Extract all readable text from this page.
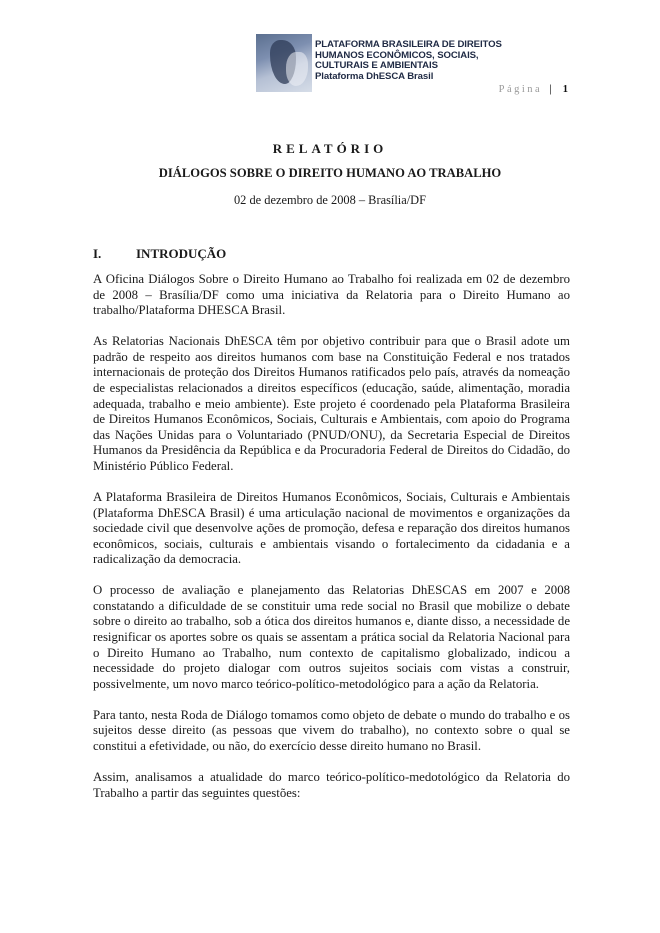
PLATAFORMA BRASILEIRA DE DIREITOS
HUMANOS ECONÔMICOS, SOCIAIS,
CULTURAIS E AMBIENTAIS
Plataforma DhESCA Brasil
Página | 1
RELATÓRIO
DIÁLOGOS SOBRE O DIREITO HUMANO AO TRABALHO
02 de dezembro de 2008 – Brasília/DF
I.	INTRODUÇÃO

A Oficina Diálogos Sobre o Direito Humano ao Trabalho foi realizada em 02 de dezembro de 2008 – Brasília/DF como uma iniciativa da Relatoria para o Direito Humano ao trabalho/Plataforma DHESCA Brasil.

As Relatorias Nacionais DhESCA têm por objetivo contribuir para que o Brasil adote um padrão de respeito aos direitos humanos com base na Constituição Federal e nos tratados internacionais de proteção dos Direitos Humanos ratificados pelo país, através da nomeação de especialistas relacionados a direitos específicos (educação, saúde, alimentação, moradia adequada, trabalho e meio ambiente). Este projeto é coordenado pela Plataforma Brasileira de Direitos Humanos Econômicos, Sociais, Culturais e Ambientais, com apoio do Programa das Nações Unidas para o Voluntariado (PNUD/ONU), da Secretaria Especial de Direitos Humanos da Presidência da República e da Procuradoria Federal de Direitos do Cidadão, do Ministério Público Federal.

A Plataforma Brasileira de Direitos Humanos Econômicos, Sociais, Culturais e Ambientais (Plataforma DhESCA Brasil) é uma articulação nacional de movimentos e organizações da sociedade civil que desenvolve ações de promoção, defesa e reparação dos direitos humanos econômicos, sociais, culturais e ambientais visando o fortalecimento da cidadania e a radicalização da democracia.

O processo de avaliação e planejamento das Relatorias DhESCAS em 2007 e 2008 constatando a dificuldade de se constituir uma rede social no Brasil que mobilize o debate sobre o direito ao trabalho, sob a ótica dos direitos humanos e, diante disso, a necessidade de resignificar os aportes sobre os quais se assentam a prática social da Relatoria Nacional para o Direito Humano ao Trabalho, num contexto de capitalismo globalizado, indicou a necessidade do projeto dialogar com outros sujeitos sociais com vistas a construir, possivelmente, um novo marco teórico-político-metodológico para a ação da Relatoria.

Para tanto, nesta Roda de Diálogo tomamos como objeto de debate o mundo do trabalho e os sujeitos desse direito (as pessoas que vivem do trabalho), no contexto sobre o qual se constitui a efetividade, ou não, do exercício desse direito humano no Brasil.

Assim, analisamos a atualidade do marco teórico-político-medotológico da Relatoria do Trabalho a partir das seguintes questões:
